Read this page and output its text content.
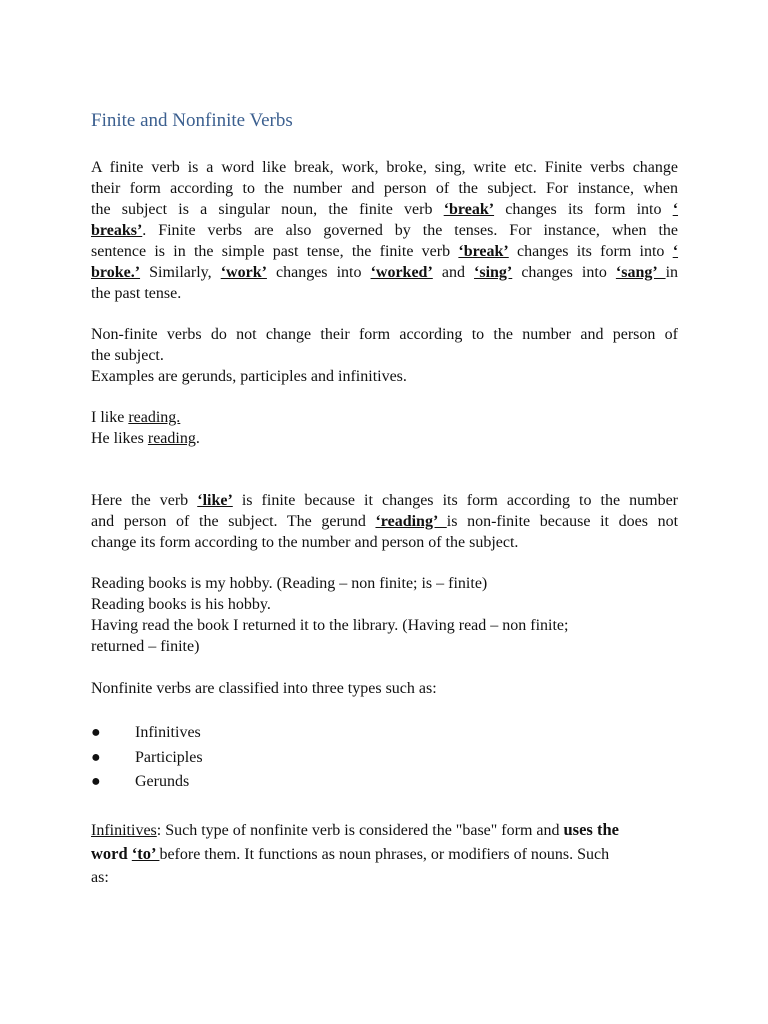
Finite and Nonfinite Verbs
A finite verb is a word like break, work, broke, sing, write etc. Finite verbs change
their form according to the number and person of the subject. For instance, when
the subject is a singular noun, the finite verb ‘break’ changes its form into ‘
breaks’. Finite verbs are also governed by the tenses. For instance, when the
sentence is in the simple past tense, the finite verb ‘break’ changes its form into ‘
broke.’ Similarly, ‘work’ changes into ‘worked’ and ‘sing’ changes into ‘sang’ in
the past tense.
Non-finite verbs do not change their form according to the number and person of
the subject.
Examples are gerunds, participles and infinitives.
I like reading.
He likes reading.
Here the verb ‘like’ is finite because it changes its form according to the number
and person of the subject. The gerund ‘reading’ is non-finite because it does not
change its form according to the number and person of the subject.
Reading books is my hobby. (Reading – non finite; is – finite)
Reading books is his hobby.
Having read the book I returned it to the library. (Having read – non finite;
returned – finite)
Nonfinite verbs are classified into three types such as:
● Infinitives
● Participles
● Gerunds
Infinitives: Such type of nonfinite verb is considered the "base" form and uses the
word ‘to’ before them. It functions as noun phrases, or modifiers of nouns. Such
as:
